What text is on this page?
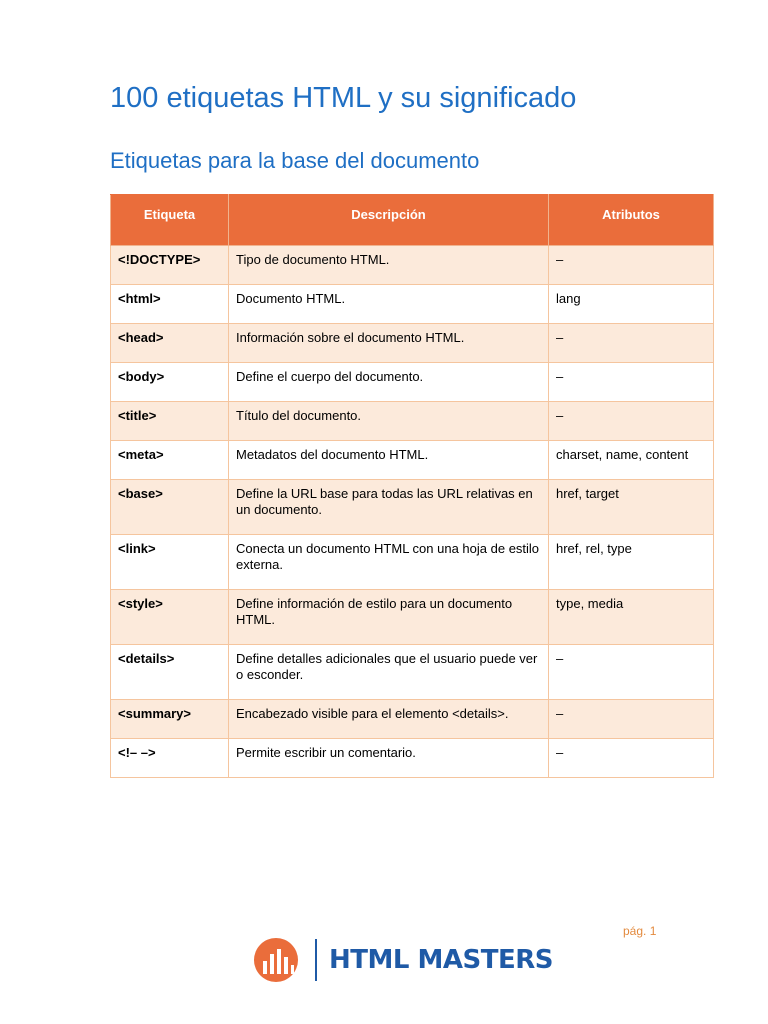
100 etiquetas HTML y su significado
Etiquetas para la base del documento
Etiqueta	Descripción	Atributos
<!DOCTYPE>	Tipo de documento HTML.	–
<html>	Documento HTML.	lang
<head>	Información sobre el documento HTML.	–
<body>	Define el cuerpo del documento.	–
<title>	Título del documento.	–
<meta>	Metadatos del documento HTML.	charset, name, content
<base>	Define la URL base para todas las URL relativas en un documento.	href, target
<link>	Conecta un documento HTML con una hoja de estilo externa.	href, rel, type
<style>	Define información de estilo para un documento HTML.	type, media
<details>	Define detalles adicionales que el usuario puede ver o esconder.	–
<summary>	Encabezado visible para el elemento <details>.	–
<!– –>	Permite escribir un comentario.	–
pág. 1
HTML MASTERS
